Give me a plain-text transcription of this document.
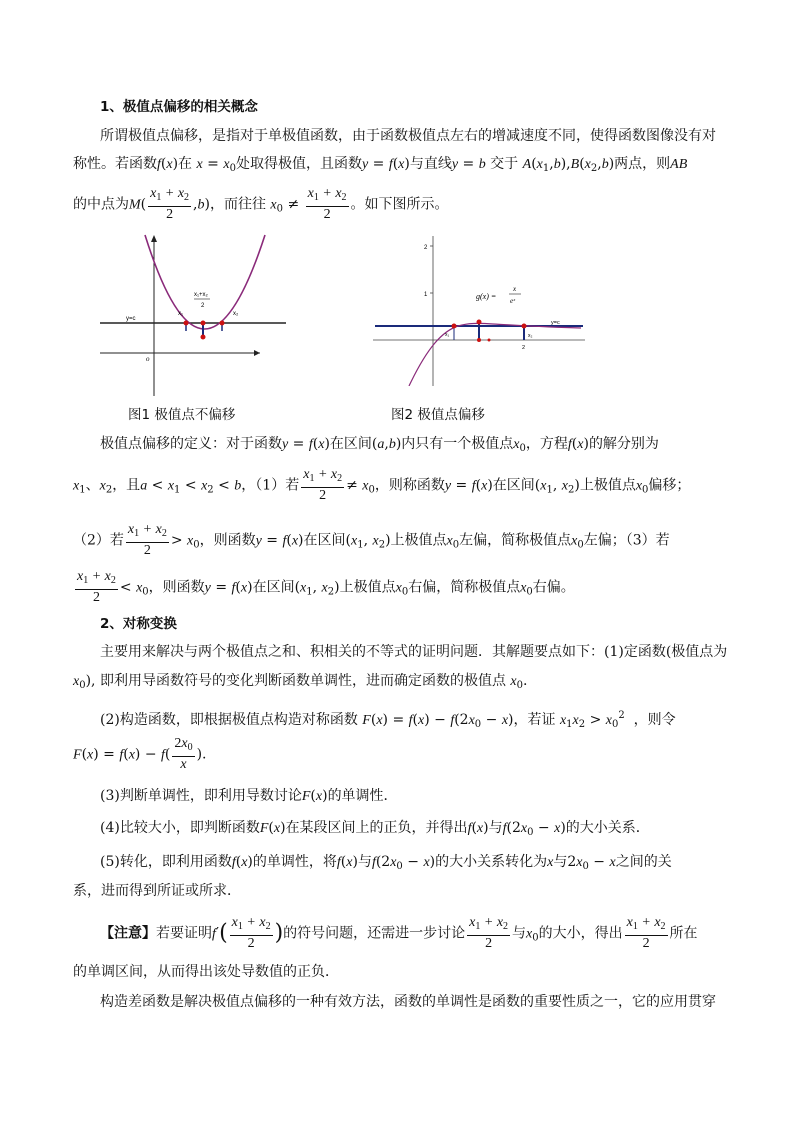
1、极值点偏移的相关概念
所谓极值点偏移，是指对于单极值函数，由于函数极值点左右的增减速度不同，使得函数图像没有对
称性。若函数f(x)在 $x = x_0$处取得极值，且函数y = f(x)与直线y = b 交于 $A(x_1,b),B(x_2,b)$两点，则AB
的中点为$M( \frac{x_1 + x_2}{2} ,b)$，而往往 $x_0 \ne \frac{x_1 + x_2}{2}$ 。如下图所示。
y=c
x₁	x₂
x₁+x₂
2
o
2
1	g(x) =
x
eˣ
y=c
x₁	x₂
2
图1 极值点不偏移	图2 极值点偏移
极值点偏移的定义：对于函数y = f(x)在区间(a,b)内只有一个极值点$x_0$，方程f(x)的解分别为
$x_1$、$x_2$，且$a < x_1 < x_2 < b$，（1）若 $\frac{x_1 + x_2}{2} \ne x_0$，则称函数y = f(x)在区间($x_1$, $x_2$)上极值点$x_0$偏移；
（2）若 $\frac{x_1 + x_2}{2} > x_0$，则函数y = f(x)在区间($x_1$, $x_2$)上极值点$x_0$左偏，简称极值点$x_0$左偏；（3）若
$\frac{x_1 + x_2}{2} < x_0$，则函数y = f(x)在区间($x_1$, $x_2$)上极值点$x_0$右偏，简称极值点$x_0$右偏。
2、对称变换
主要用来解决与两个极值点之和、积相关的不等式的证明问题．其解题要点如下：(1)定函数(极值点为
$x_0$), 即利用导函数符号的变化判断函数单调性，进而确定函数的极值点 $x_0$.
(2)构造函数，即根据极值点构造对称函数 $F(x) = f(x) - f(2x_0 - x)$，若证 $x_1x_2 > x_0^2$ ，则令
$F(x) = f(x) - f( \frac{2x_0}{x}$ ).
(3)判断单调性，即利用导数讨论F(x)的单调性．
(4)比较大小，即判断函数F(x)在某段区间上的正负，并得出f(x)与$f(2x_0 - x)$的大小关系．
(5)转化，即利用函数f(x)的单调性，将f(x)与$f(2x_0 - x)$的大小关系转化为x与$2x_0 - x$之间的关
系，进而得到所证或所求．
【注意】若要证明$f'( \frac{x_1 + x_2}{2}$ )的符号问题，还需进一步讨论 $\frac{x_1 + x_2}{2}$ 与$x_0$的大小，得出 $\frac{x_1 + x_2}{2}$ 所在
的单调区间，从而得出该处导数值的正负．
构造差函数是解决极值点偏移的一种有效方法，函数的单调性是函数的重要性质之一，它的应用贯穿
